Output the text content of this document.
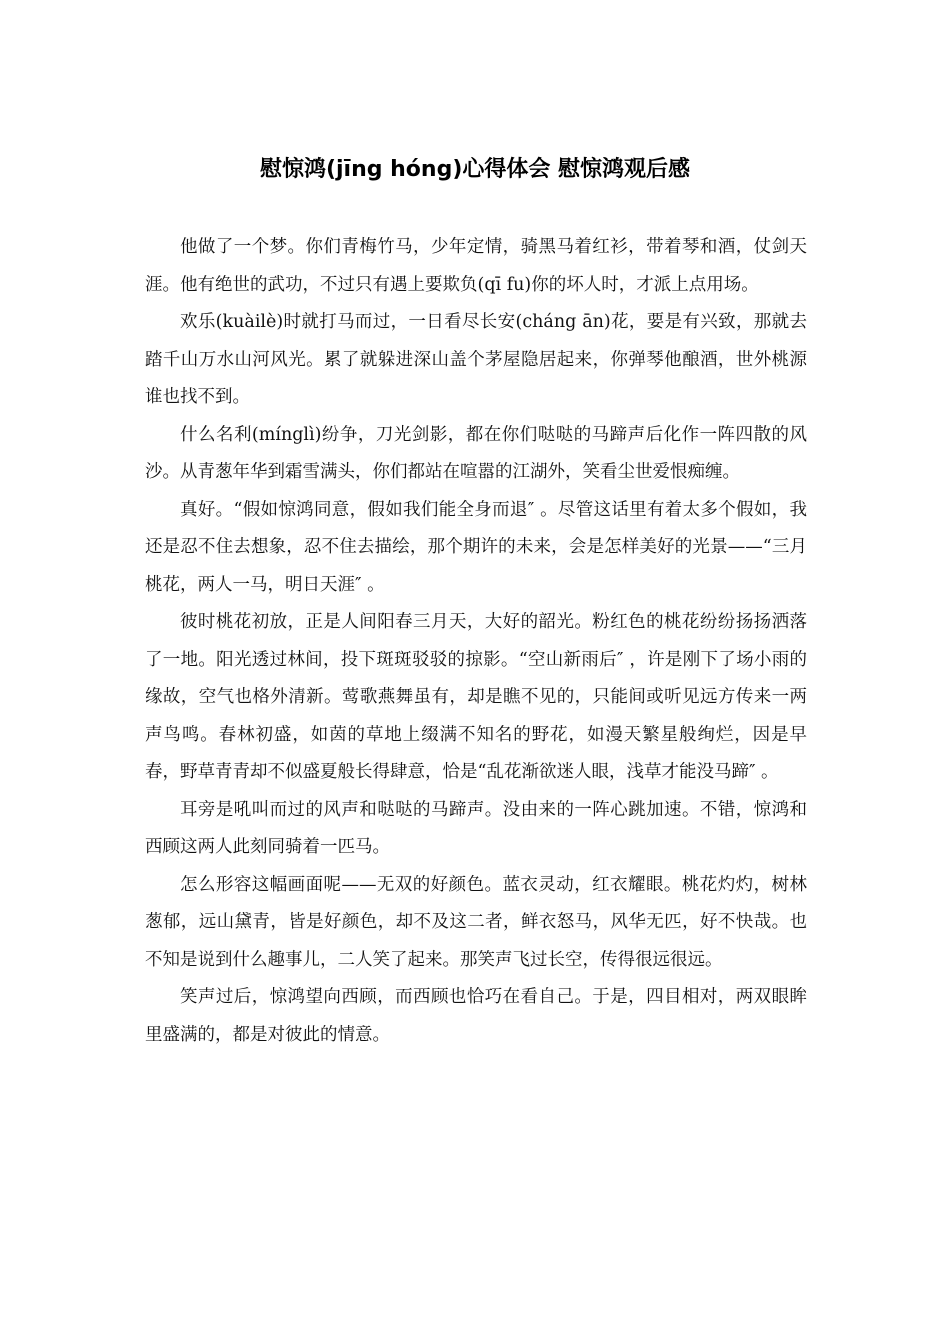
慰惊鸿(jīng hóng)心得体会 慰惊鸿观后感

他做了一个梦。你们青梅竹马，少年定情，骑黑马着红衫，带着琴和酒，仗剑天涯。他有绝世的武功，不过只有遇上要欺负(qī fu)你的坏人时，才派上点用场。

欢乐(kuàilè)时就打马而过，一日看尽长安(cháng ān)花，要是有兴致，那就去踏千山万水山河风光。累了就躲进深山盖个茅屋隐居起来，你弹琴他酿酒，世外桃源谁也找不到。

什么名利(mínglì)纷争，刀光剑影，都在你们哒哒的马蹄声后化作一阵四散的风沙。从青葱年华到霜雪满头，你们都站在喧嚣的江湖外，笑看尘世爱恨痴缠。

真好。“假如惊鸿同意，假如我们能全身而退″ 。尽管这话里有着太多个假如，我还是忍不住去想象，忍不住去描绘，那个期许的未来，会是怎样美好的光景——“三月桃花，两人一马，明日天涯″ 。

彼时桃花初放，正是人间阳春三月天，大好的韶光。粉红色的桃花纷纷扬扬洒落了一地。阳光透过林间，投下斑斑驳驳的掠影。“空山新雨后″ ，许是刚下了场小雨的缘故，空气也格外清新。莺歌燕舞虽有，却是瞧不见的，只能间或听见远方传来一两声鸟鸣。春林初盛，如茵的草地上缀满不知名的野花，如漫天繁星般绚烂，因是早春，野草青青却不似盛夏般长得肆意，恰是“乱花渐欲迷人眼，浅草才能没马蹄″ 。

耳旁是吼叫而过的风声和哒哒的马蹄声。没由来的一阵心跳加速。不错，惊鸿和西顾这两人此刻同骑着一匹马。

怎么形容这幅画面呢——无双的好颜色。蓝衣灵动，红衣耀眼。桃花灼灼，树林葱郁，远山黛青，皆是好颜色，却不及这二者，鲜衣怒马，风华无匹，好不快哉。也不知是说到什么趣事儿，二人笑了起来。那笑声飞过长空，传得很远很远。

笑声过后，惊鸿望向西顾，而西顾也恰巧在看自己。于是，四目相对，两双眼眸里盛满的，都是对彼此的情意。
